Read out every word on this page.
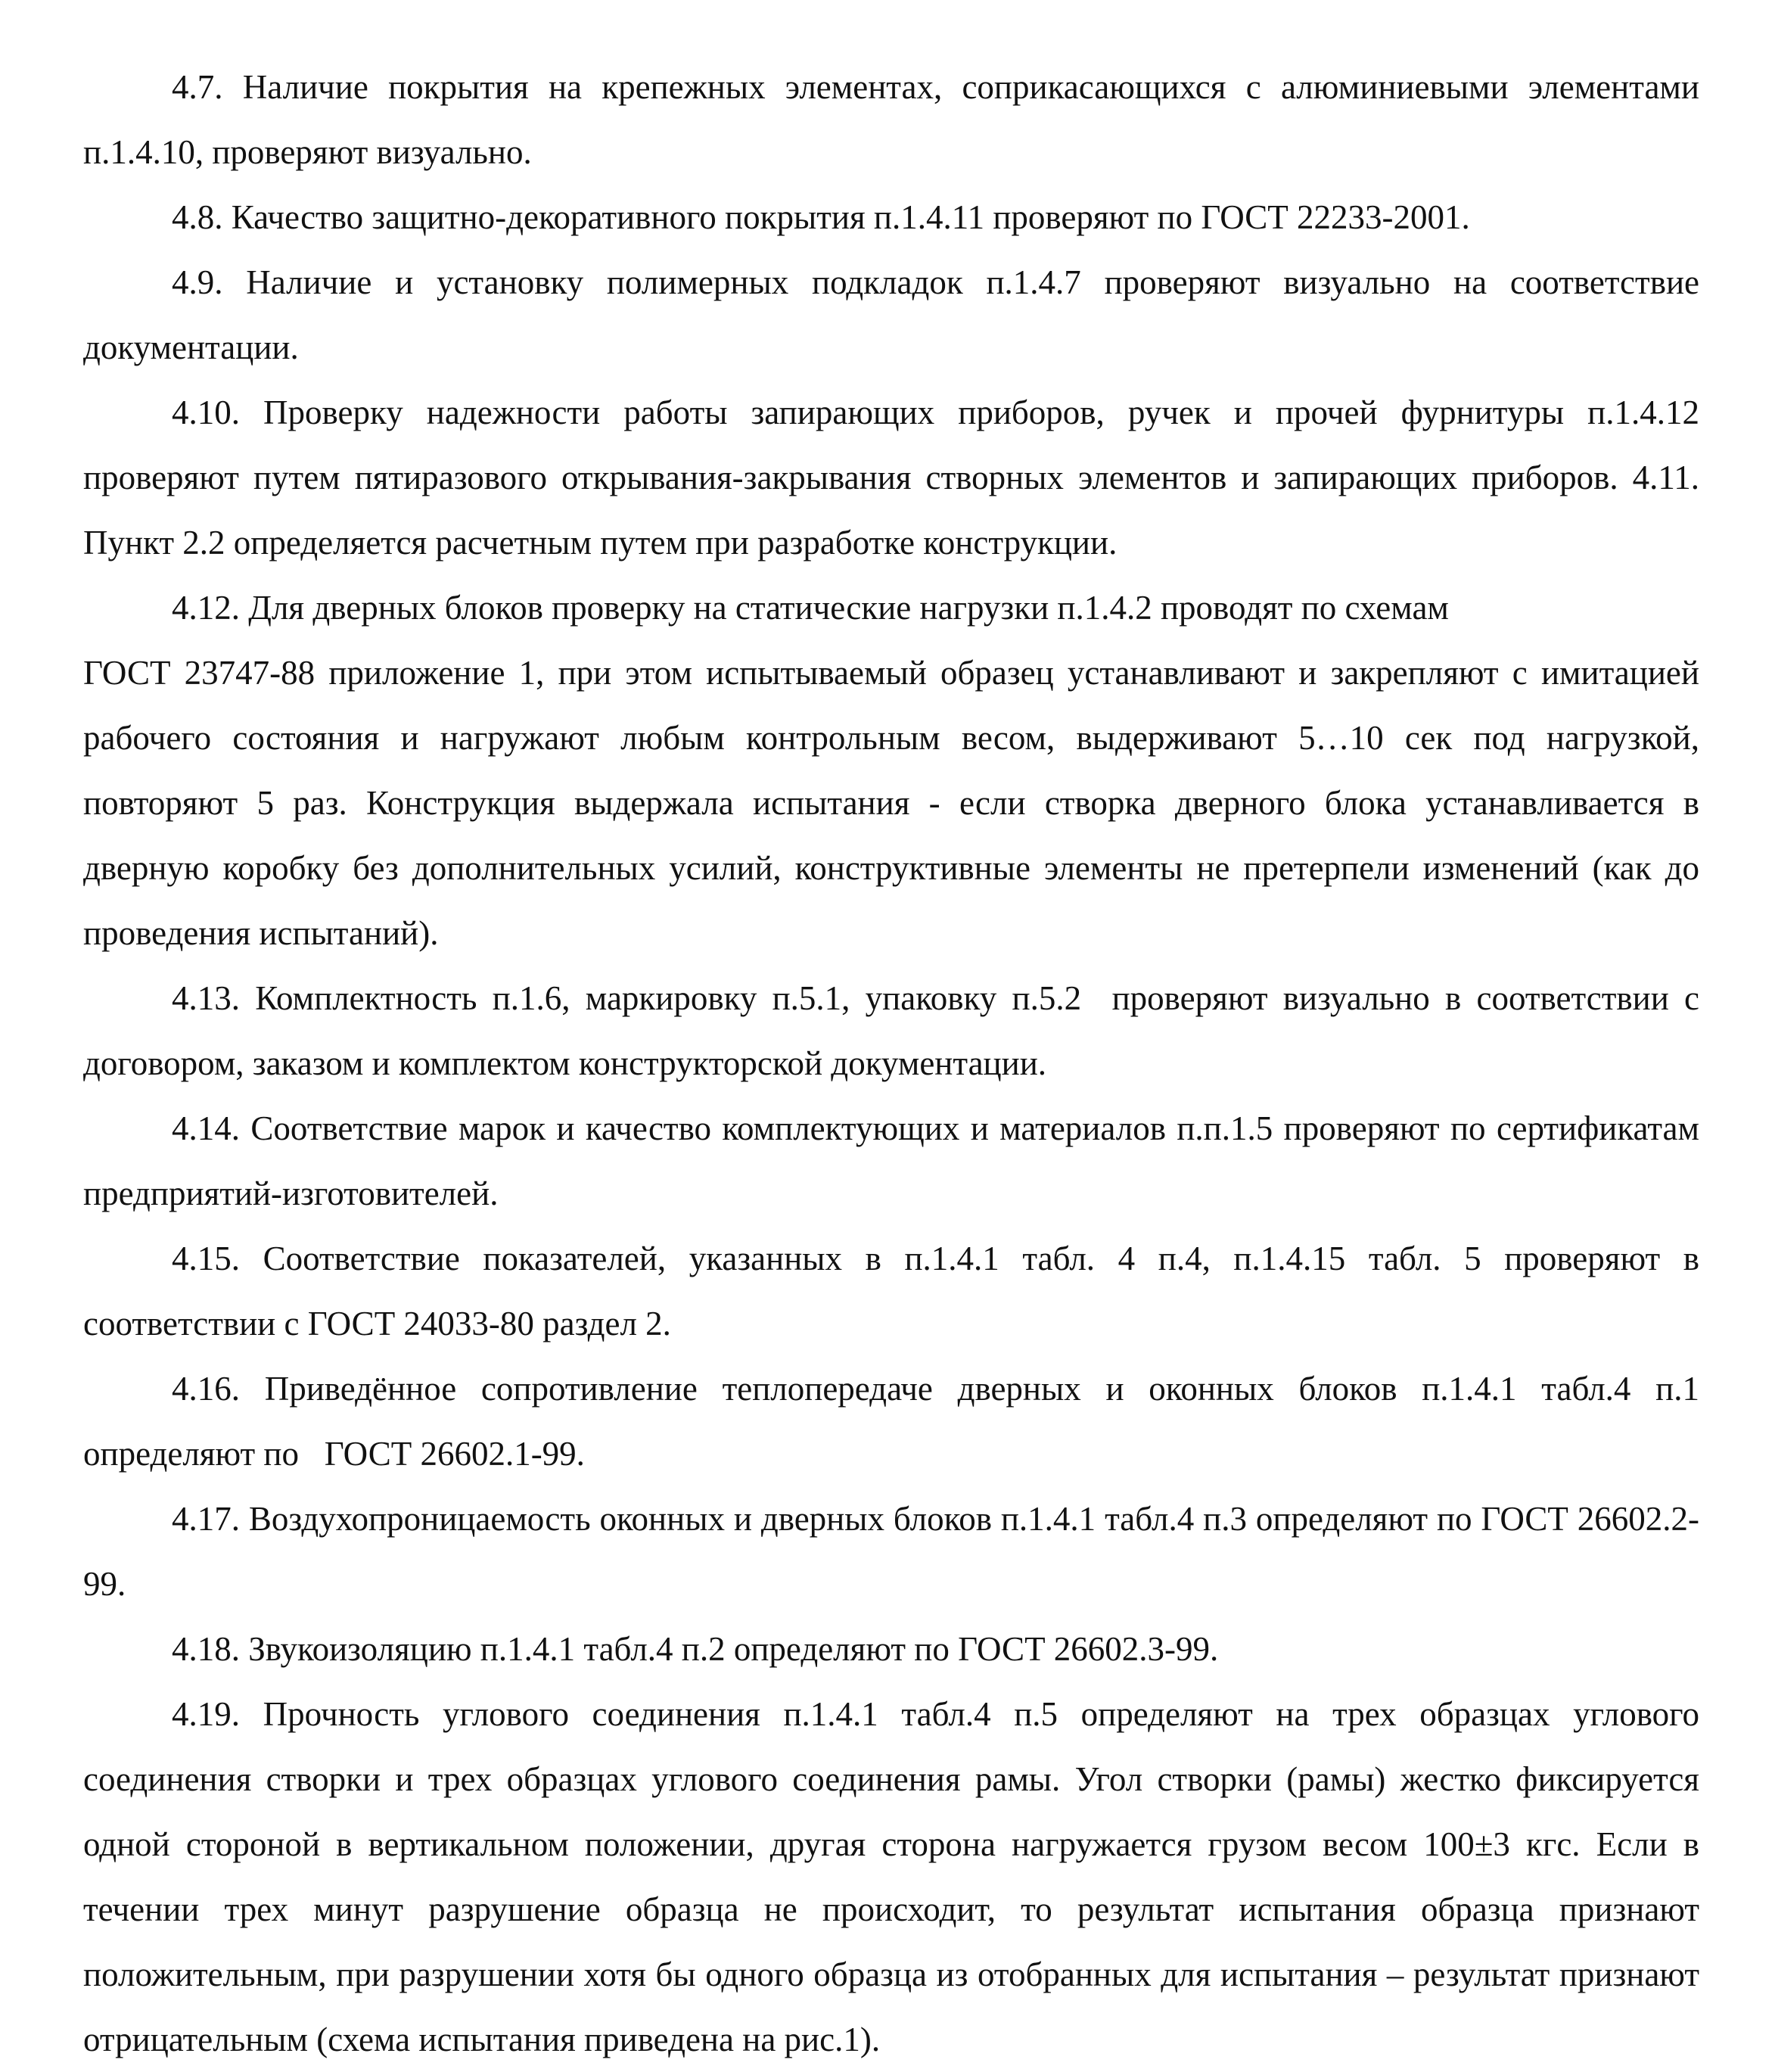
4.7. Наличие покрытия на крепежных элементах, соприкасающихся с алюминиевыми элементами п.1.4.10, проверяют визуально.

4.8. Качество защитно-декоративного покрытия п.1.4.11 проверяют по ГОСТ 22233-2001.

4.9. Наличие и установку полимерных подкладок п.1.4.7 проверяют визуально на соответствие документации.

4.10. Проверку надежности работы запирающих приборов, ручек и прочей фурнитуры п.1.4.12 проверяют путем пятиразового открывания-закрывания створных элементов и запирающих приборов. 4.11. Пункт 2.2 определяется расчетным путем при разработке конструкции.

4.12. Для дверных блоков проверку на статические нагрузки п.1.4.2 проводят по схемам

ГОСТ 23747-88 приложение 1, при этом испытываемый образец устанавливают и закрепляют с имитацией рабочего состояния и нагружают любым контрольным весом, выдерживают 5…10 сек под нагрузкой,  повторяют 5 раз. Конструкция выдержала испытания - если створка дверного блока устанавливается в дверную коробку без дополнительных усилий, конструктивные элементы не претерпели изменений (как до проведения испытаний).

4.13. Комплектность п.1.6, маркировку п.5.1, упаковку п.5.2  проверяют визуально в соответствии с договором, заказом и комплектом конструкторской документации.

4.14. Соответствие марок и качество комплектующих и материалов п.п.1.5 проверяют по сертификатам предприятий-изготовителей.

4.15. Соответствие показателей, указанных в п.1.4.1 табл. 4 п.4, п.1.4.15 табл. 5 проверяют в соответствии с ГОСТ 24033-80 раздел 2.

4.16. Приведённое сопротивление теплопередаче дверных и оконных блоков п.1.4.1 табл.4 п.1 определяют по   ГОСТ 26602.1-99.

4.17. Воздухопроницаемость оконных и дверных блоков п.1.4.1 табл.4 п.3 определяют по ГОСТ 26602.2-99.

4.18. Звукоизоляцию п.1.4.1 табл.4 п.2 определяют по ГОСТ 26602.3-99.

4.19. Прочность углового соединения п.1.4.1 табл.4 п.5 определяют на трех образцах углового соединения створки и трех образцах углового соединения рамы. Угол створки (рамы) жестко фиксируется одной стороной в вертикальном положении, другая сторона нагружается грузом весом 100±3 кгс. Если в течении трех минут разрушение образца не происходит, то результат испытания образца признают положительным, при разрушении хотя бы одного образца из отобранных для испытания – результат признают отрицательным (схема испытания приведена на рис.1).
